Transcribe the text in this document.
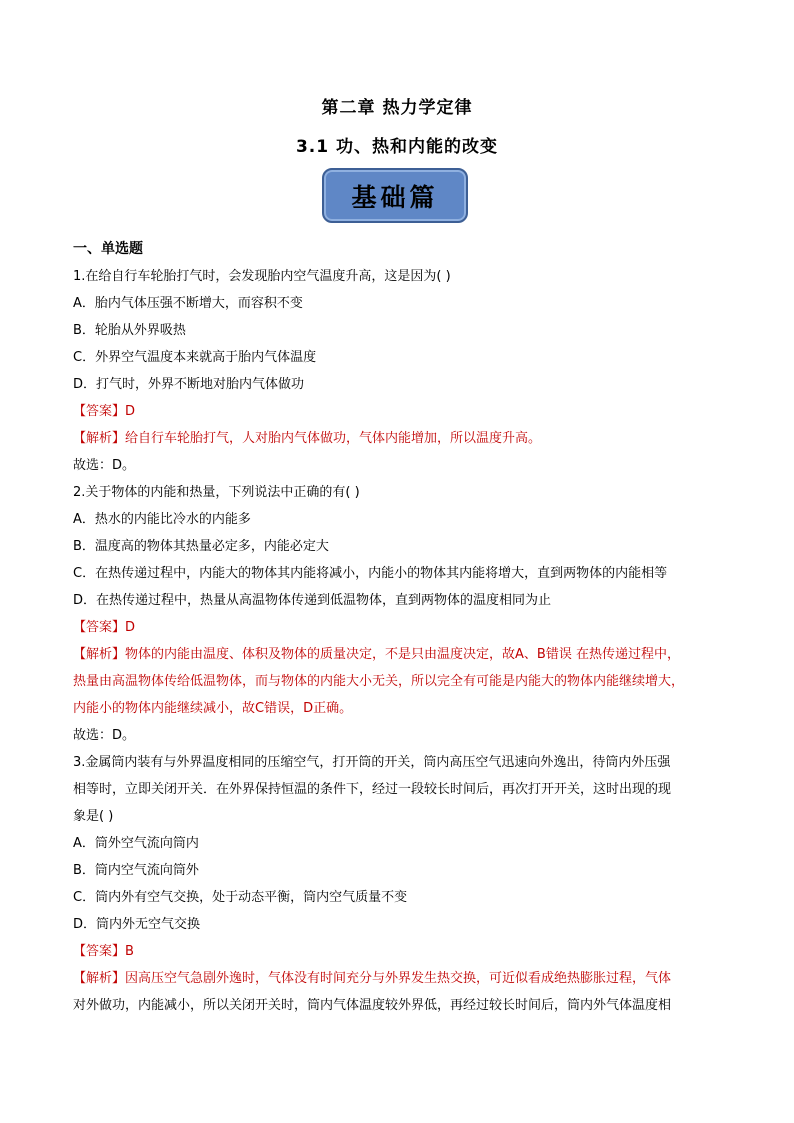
第二章 热力学定律
3.1 功、热和内能的改变
基础篇
一、单选题
1.在给自行车轮胎打气时，会发现胎内空气温度升高，这是因为( )
A．胎内气体压强不断增大，而容积不变
B．轮胎从外界吸热
C．外界空气温度本来就高于胎内气体温度
D．打气时，外界不断地对胎内气体做功
【答案】D
【解析】给自行车轮胎打气，人对胎内气体做功，气体内能增加，所以温度升高。
故选：D。
2.关于物体的内能和热量，下列说法中正确的有( )
A．热水的内能比冷水的内能多
B．温度高的物体其热量必定多，内能必定大
C．在热传递过程中，内能大的物体其内能将减小，内能小的物体其内能将增大，直到两物体的内能相等
D．在热传递过程中，热量从高温物体传递到低温物体，直到两物体的温度相同为止
【答案】D
【解析】物体的内能由温度、体积及物体的质量决定，不是只由温度决定，故A、B错误 在热传递过程中，
热量由高温物体传给低温物体，而与物体的内能大小无关，所以完全有可能是内能大的物体内能继续增大，
内能小的物体内能继续减小，故C错误，D正确。
故选：D。
3.金属筒内装有与外界温度相同的压缩空气，打开筒的开关，筒内高压空气迅速向外逸出，待筒内外压强
相等时，立即关闭开关．在外界保持恒温的条件下，经过一段较长时间后，再次打开开关，这时出现的现
象是( )
A．筒外空气流向筒内
B．筒内空气流向筒外
C．筒内外有空气交换，处于动态平衡，筒内空气质量不变
D．筒内外无空气交换
【答案】B
【解析】因高压空气急剧外逸时，气体没有时间充分与外界发生热交换，可近似看成绝热膨胀过程，气体
对外做功，内能减小，所以关闭开关时，筒内气体温度较外界低，再经过较长时间后，筒内外气体温度相
